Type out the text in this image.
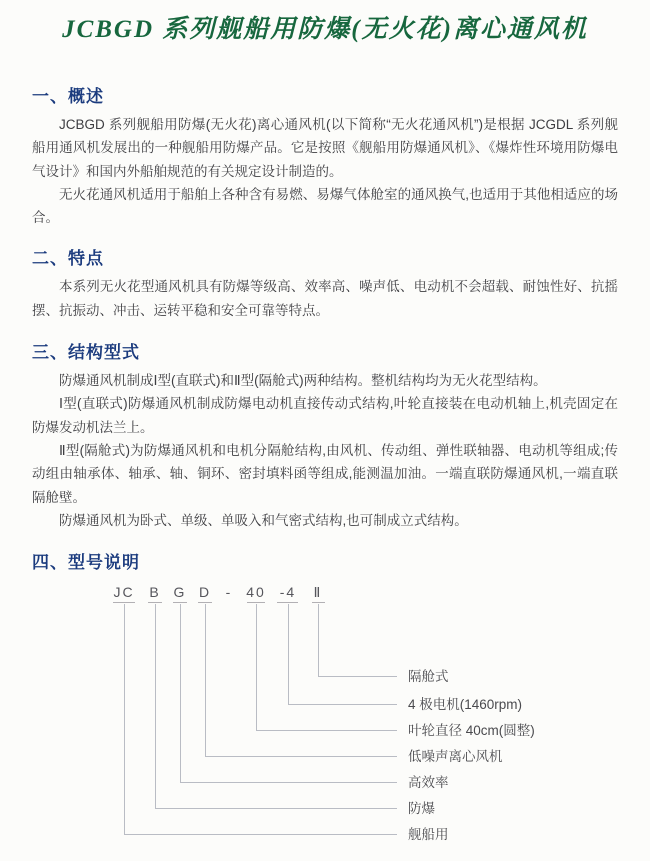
JCBGD 系列舰船用防爆(无火花)离心通风机
一、概述

JCBGD 系列舰船用防爆(无火花)离心通风机(以下简称“无火花通风机”)是根据 JCGDL 系列舰船用通风机发展出的一种舰船用防爆产品。它是按照《舰船用防爆通风机》、《爆炸性环境用防爆电气设计》和国内外船舶规范的有关规定设计制造的。

无火花通风机适用于船舶上各种含有易燃、易爆气体舱室的通风换气,也适用于其他相适应的场合。

二、特点

本系列无火花型通风机具有防爆等级高、效率高、噪声低、电动机不会超载、耐蚀性好、抗摇摆、抗振动、冲击、运转平稳和安全可靠等特点。

三、结构型式

防爆通风机制成Ⅰ型(直联式)和Ⅱ型(隔舱式)两种结构。整机结构均为无火花型结构。

Ⅰ型(直联式)防爆通风机制成防爆电动机直接传动式结构,叶轮直接装在电动机轴上,机壳固定在防爆发动机法兰上。

Ⅱ型(隔舱式)为防爆通风机和电机分隔舱结构,由风机、传动组、弹性联轴器、电动机等组成;传动组由轴承体、轴承、轴、铜环、密封填料函等组成,能测温加油。一端直联防爆通风机,一端直联隔舱壁。

防爆通风机为卧式、单级、单吸入和气密式结构,也可制成立式结构。

四、型号说明
JC B G D - 40 -4 Ⅱ
隔舱式
4 极电机(1460rpm)
叶轮直径 40cm(圆整)
低噪声离心风机
高效率
防爆
舰船用
